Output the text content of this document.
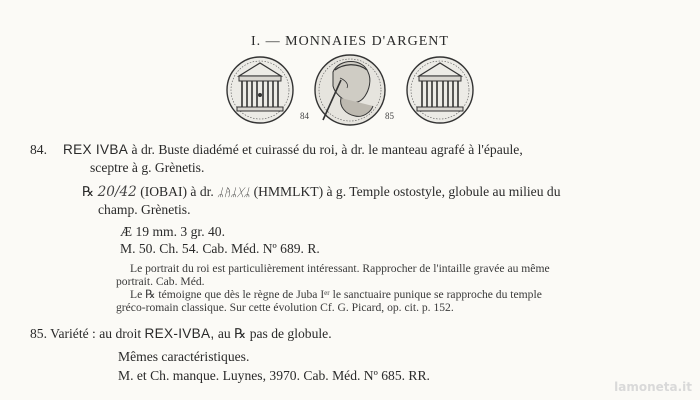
I. — MONNAIES D'ARGENT
84	85
84. REX IVBA à dr. Buste diadémé et cuirassé du roi, à dr. le manteau agrafé à l'épaule,
sceptre à g. Grènetis.
℞ 20/42 (IOBAI) à dr. ᛦᚤᛦᚷᛦ (HMMLKT) à g. Temple ostostyle, globule au milieu du
champ. Grènetis.
Æ 19 mm. 3 gr. 40.
M. 50. Ch. 54. Cab. Méd. Nº 689. R.
Le portrait du roi est particulièrement intéressant. Rapprocher de l'intaille gravée au même
portrait. Cab. Méd.
Le ℞ témoigne que dès le règne de Juba Iᵉʳ le sanctuaire punique se rapproche du temple
gréco-romain classique. Sur cette évolution Cf. G. Picard, op. cit. p. 152.
85. Variété : au droit REX-IVBA, au ℞ pas de globule.
Mêmes caractéristiques.
M. et Ch. manque. Luynes, 3970. Cab. Méd. Nº 685. RR.
lamoneta.it
